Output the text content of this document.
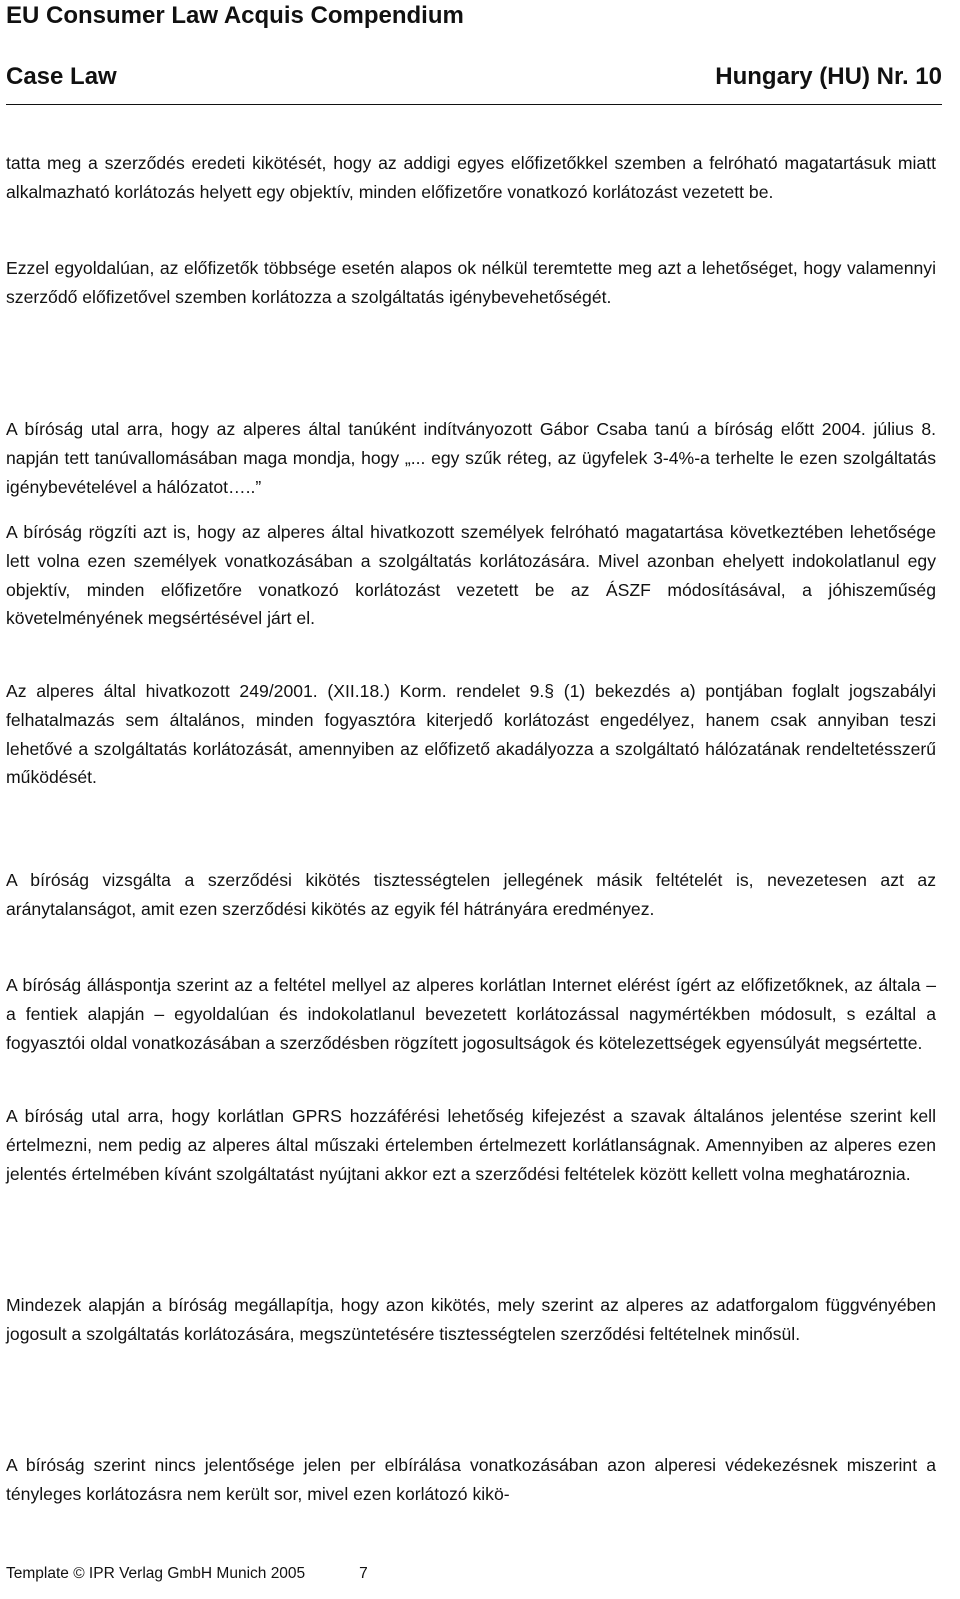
EU Consumer Law Acquis Compendium
Case Law	Hungary (HU) Nr. 10

tatta meg a szerződés eredeti kikötését, hogy az addigi egyes előfizetőkkel szemben a felróható magatartásuk miatt alkalmazható korlátozás helyett egy objektív, minden előfizetőre vonatkozó korlátozást vezetett be.

Ezzel egyoldalúan, az előfizetők többsége esetén alapos ok nélkül teremtette meg azt a lehetőséget, hogy valamennyi szerződő előfizetővel szemben korlátozza a szolgáltatás igénybevehetőségét.

A bíróság utal arra, hogy az alperes által tanúként indítványozott Gábor Csaba tanú a bíróság előtt 2004. július 8. napján tett tanúvallomásában maga mondja, hogy „... egy szűk réteg, az ügyfelek 3-4%-a terhelte le ezen szolgáltatás igénybevételével a hálózatot…..”

A bíróság rögzíti azt is, hogy az alperes által hivatkozott személyek felróható magatartása következtében lehetősége lett volna ezen személyek vonatkozásában a szolgáltatás korlátozására. Mivel azonban ehelyett indokolatlanul egy objektív, minden előfizetőre vonatkozó korlátozást vezetett be az ÁSZF módosításával, a jóhiszeműség követelményének megsértésével járt el.

Az alperes által hivatkozott 249/2001. (XII.18.) Korm. rendelet 9.§ (1) bekezdés a) pontjában foglalt jogszabályi felhatalmazás sem általános, minden fogyasztóra kiterjedő korlátozást engedélyez, hanem csak annyiban teszi lehetővé a szolgáltatás korlátozását, amennyiben az előfizető akadályozza a szolgáltató hálózatának rendeltetésszerű működését.

A bíróság vizsgálta a szerződési kikötés tisztességtelen jellegének másik feltételét is, nevezetesen azt az aránytalanságot, amit ezen szerződési kikötés az egyik fél hátrányára eredményez.

A bíróság álláspontja szerint az a feltétel mellyel az alperes korlátlan Internet elérést ígért az előfizetőknek, az általa – a fentiek alapján – egyoldalúan és indokolatlanul bevezetett korlátozással nagymértékben módosult, s ezáltal a fogyasztói oldal vonatkozásában a szerződésben rögzített jogosultságok és kötelezettségek egyensúlyát megsértette.

A bíróság utal arra, hogy korlátlan GPRS hozzáférési lehetőség kifejezést a szavak általános jelentése szerint kell értelmezni, nem pedig az alperes által műszaki értelemben értelmezett korlátlanságnak. Amennyiben az alperes ezen jelentés értelmében kívánt szolgáltatást nyújtani akkor ezt a szerződési feltételek között kellett volna meghatároznia.

Mindezek alapján a bíróság megállapítja, hogy azon kikötés, mely szerint az alperes az adatforgalom függvényében jogosult a szolgáltatás korlátozására, megszüntetésére tisztességtelen szerződési feltételnek minősül.

A bíróság szerint nincs jelentősége jelen per elbírálása vonatkozásában azon alperesi védekezésnek miszerint a tényleges korlátozásra nem került sor, mivel ezen korlátozó kikö-

Template © IPR Verlag GmbH Munich 2005	7
